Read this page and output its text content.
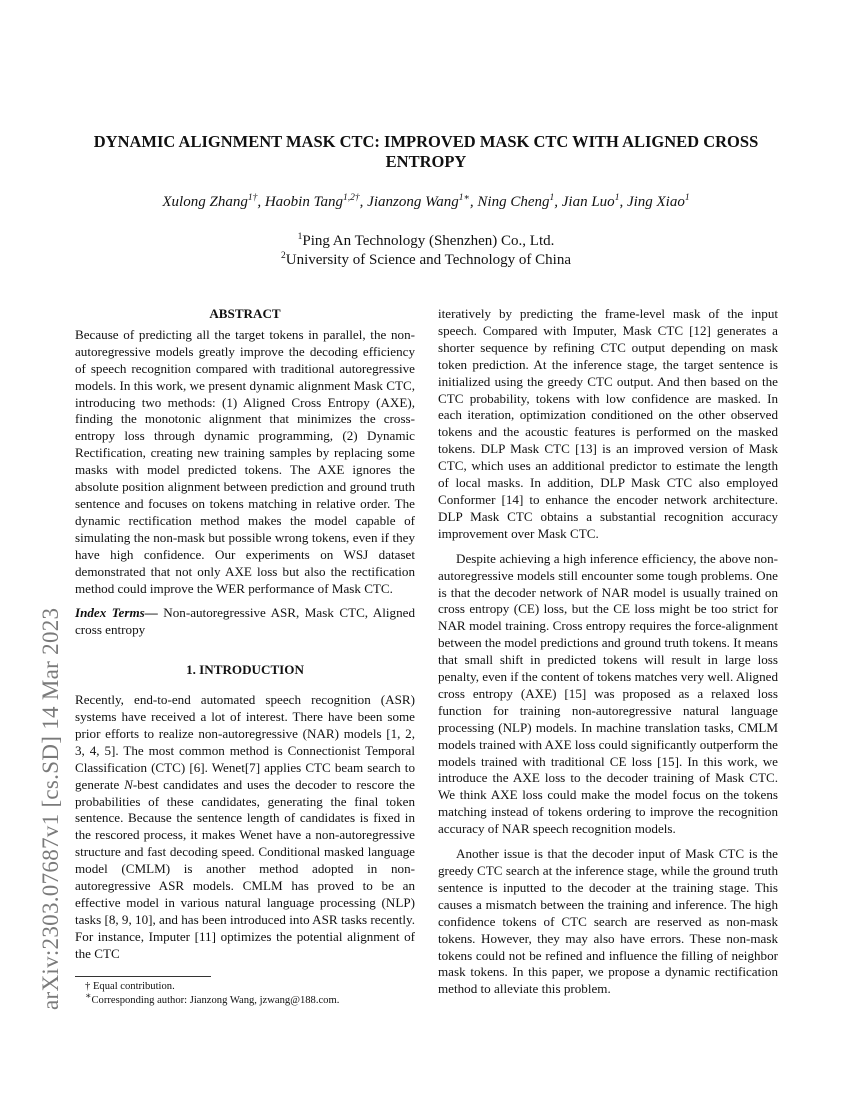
arXiv:2303.07687v1 [cs.SD] 14 Mar 2023
DYNAMIC ALIGNMENT MASK CTC: IMPROVED MASK CTC WITH ALIGNED CROSS ENTROPY
Xulong Zhang$^{1\dagger}$, Haobin Tang$^{1,2\dagger}$, Jianzong Wang$^{1∗}$, Ning Cheng$^1$, Jian Luo$^1$, Jing Xiao$^1$
$^1$Ping An Technology (Shenzhen) Co., Ltd.
$^2$University of Science and Technology of China
ABSTRACT

Because of predicting all the target tokens in parallel, the non-autoregressive models greatly improve the decoding efficiency of speech recognition compared with traditional autoregressive models. In this work, we present dynamic alignment Mask CTC, introducing two methods: (1) Aligned Cross Entropy (AXE), finding the monotonic alignment that minimizes the cross-entropy loss through dynamic programming, (2) Dynamic Rectification, creating new training samples by replacing some masks with model predicted tokens. The AXE ignores the absolute position alignment between prediction and ground truth sentence and focuses on tokens matching in relative order. The dynamic rectification method makes the model capable of simulating the non-mask but possible wrong tokens, even if they have high confidence. Our experiments on WSJ dataset demonstrated that not only AXE loss but also the rectification method could improve the WER performance of Mask CTC.

Index Terms— Non-autoregressive ASR, Mask CTC, Aligned cross entropy

1. INTRODUCTION

Recently, end-to-end automated speech recognition (ASR) systems have received a lot of interest. There have been some prior efforts to realize non-autoregressive (NAR) models [1, 2, 3, 4, 5]. The most common method is Connectionist Temporal Classification (CTC) [6]. Wenet[7] applies CTC beam search to generate N-best candidates and uses the decoder to rescore the probabilities of these candidates, generating the final token sentence. Because the sentence length of candidates is fixed in the rescored process, it makes Wenet have a non-autoregressive structure and fast decoding speed. Conditional masked language model (CMLM) is another method adopted in non-autoregressive ASR models. CMLM has proved to be an effective model in various natural language processing (NLP) tasks [8, 9, 10], and has been introduced into ASR tasks recently. For instance, Imputer [11] optimizes the potential alignment of the CTC

iteratively by predicting the frame-level mask of the input speech. Compared with Imputer, Mask CTC [12] generates a shorter sequence by refining CTC output depending on mask token prediction. At the inference stage, the target sentence is initialized using the greedy CTC output. And then based on the CTC probability, tokens with low confidence are masked. In each iteration, optimization conditioned on the other observed tokens and the acoustic features is performed on the masked tokens. DLP Mask CTC [13] is an improved version of Mask CTC, which uses an additional predictor to estimate the length of local masks. In addition, DLP Mask CTC also employed Conformer [14] to enhance the encoder network architecture. DLP Mask CTC obtains a substantial recognition accuracy improvement over Mask CTC.

Despite achieving a high inference efficiency, the above non-autoregressive models still encounter some tough problems. One is that the decoder network of NAR model is usually trained on cross entropy (CE) loss, but the CE loss might be too strict for NAR model training. Cross entropy requires the force-alignment between the model predictions and ground truth tokens. It means that small shift in predicted tokens will result in large loss penalty, even if the content of tokens matches very well. Aligned cross entropy (AXE) [15] was proposed as a relaxed loss function for training non-autoregressive natural language processing (NLP) models. In machine translation tasks, CMLM models trained with AXE loss could significantly outperform the models trained with traditional CE loss [15]. In this work, we introduce the AXE loss to the decoder training of Mask CTC. We think AXE loss could make the model focus on the tokens matching instead of tokens ordering to improve the recognition accuracy of NAR speech recognition models.

Another issue is that the decoder input of Mask CTC is the greedy CTC search at the inference stage, while the ground truth sentence is inputted to the decoder at the training stage. This causes a mismatch between the training and inference. The high confidence tokens of CTC search are reserved as non-mask tokens. However, they may also have errors. These non-mask tokens could not be refined and influence the filling of neighbor mask tokens. In this paper, we propose a dynamic rectification method to alleviate this problem.

† Equal contribution.
∗Corresponding author: Jianzong Wang, jzwang@188.com.
